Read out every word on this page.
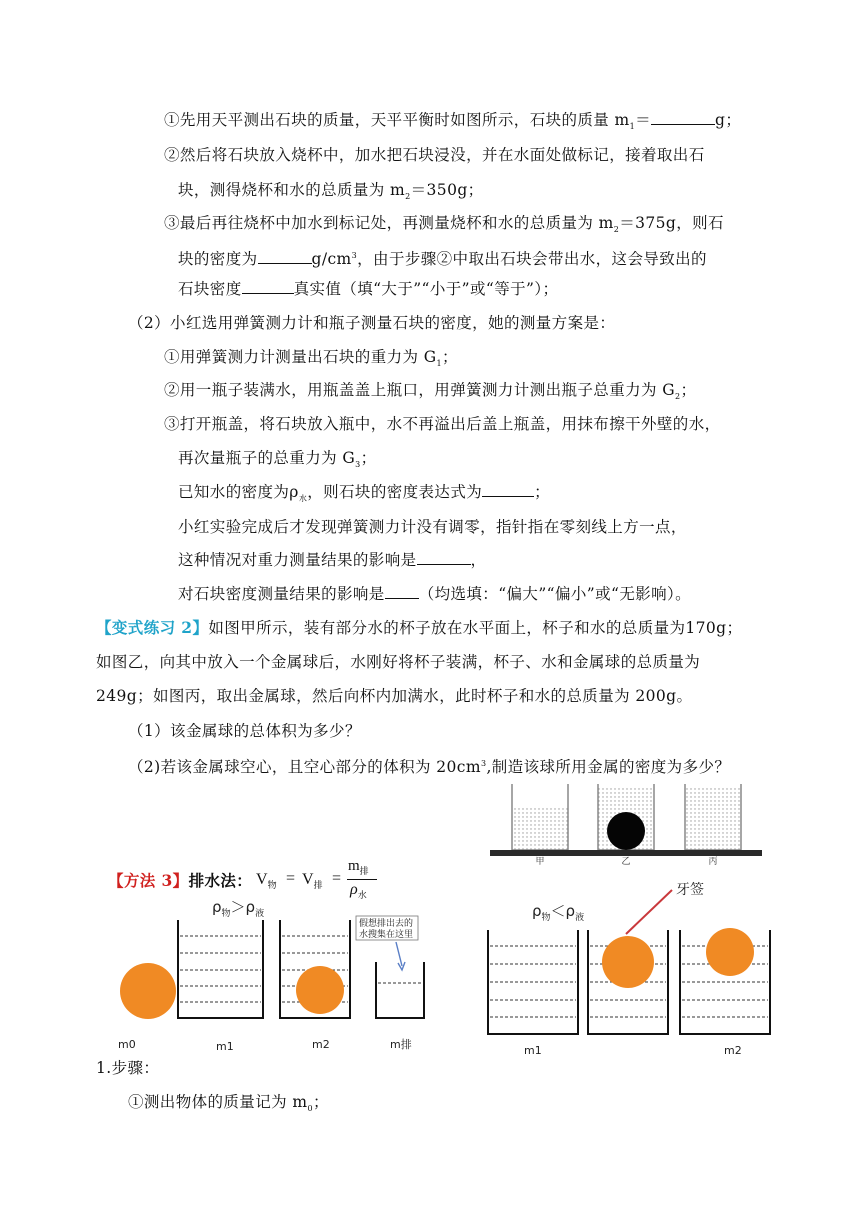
①先用天平测出石块的质量，天平平衡时如图所示，石块的质量 $m_1=$	g；
②然后将石块放入烧杯中，加水把石块浸没，并在水面处做标记，接着取出石
块，测得烧杯和水的总质量为 $m_2=350g$；
③最后再往烧杯中加水到标记处，再测量烧杯和水的总质量为 $m_2=375g$，则石
块的密度为	$g/cm^3$，由于步骤②中取出石块会带出水，这会导致出的
石块密度	真实值（填“大于”“小于”或“等于”）；
（2）小红选用弹簧测力计和瓶子测量石块的密度，她的测量方案是：
①用弹簧测力计测量出石块的重力为 $G_1$；
②用一瓶子装满水，用瓶盖盖上瓶口，用弹簧测力计测出瓶子总重力为 $G_2$；
③打开瓶盖，将石块放入瓶中，水不再溢出后盖上瓶盖，用抹布擦干外壁的水，
再次量瓶子的总重力为 $G_3$；
已知水的密度为$\rho_水$，则石块的密度表达式为	；
小红实验完成后才发现弹簧测力计没有调零，指针指在零刻线上方一点，
这种情况对重力测量结果的影响是	，
对石块密度测量结果的影响是 （均选填：“偏大”“偏小”或“无影响）。
【变式练习 2】如图甲所示，装有部分水的杯子放在水平面上，杯子和水的总质量为170g；
如图乙，向其中放入一个金属球后，水刚好将杯子装满，杯子、水和金属球的总质量为
249g；如图丙，取出金属球，然后向杯内加满水，此时杯子和水的总质量为 200g。
（1）该金属球的总体积为多少？
（2)若该金属球空心，且空心部分的体积为 $20cm^3$,制造该球所用金属的密度为多少？
甲	乙	丙
【方法 3】排水法： $V_物 = V_排$ =
$m_排$
$\rho_水$
$\rho_物>\rho_液$
假想排出去的
水搜集在这里
m0	m1	m2	m排
$\rho_物<\rho_液$
牙签
m1	m2
1.步骤：
①测出物体的质量记为 $m_0$；
